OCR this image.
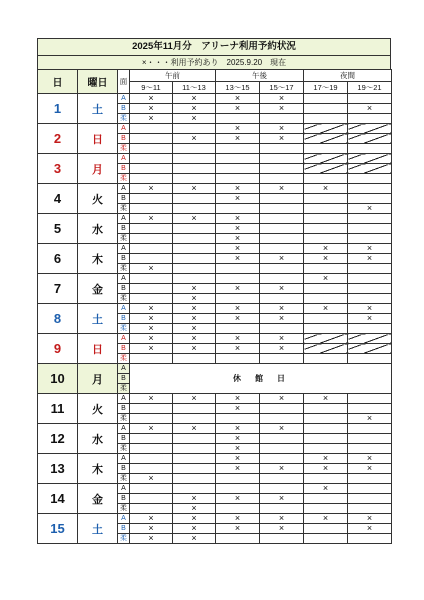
2025年11月分　アリーナ利用予約状況
×・・・利用予約あり　2025.9.20　現在
日	曜日	面	午前		午後		夜間	
			9～11	11～13	13～15	15～17	17～19	19～21
1	土	A	×	×	×	×		
		B	×	×	×	×		×
		柔	×	×				
2	日	A			×	×		
		B		×	×	×		
		柔						
3	月	A						
		B						
		柔						
4	火	A	×	×	×	×	×	
		B			×			
		柔						×
5	水	A	×	×	×			
		B			×			
		柔			×			
6	木	A			×		×	×
		B			×	×	×	×
		柔	×					
7	金	A					×	
		B		×	×	×		
		柔		×				
8	土	A	×	×	×	×	×	×
		B	×	×	×	×		×
		柔	×	×				
9	日	A	×	×	×	×		
		B	×	×	×	×		
		柔						
10	月	A	休　館　日					
		B						
		柔						
11	火	A	×	×	×	×	×	
		B			×			
		柔						×
12	水	A	×	×	×	×		
		B			×			
		柔			×			
13	木	A			×		×	×
		B			×	×	×	×
		柔	×					
14	金	A					×	
		B		×	×	×		
		柔		×				
15	土	A	×	×	×	×	×	×
		B	×	×	×	×		×
		柔	×	×				
